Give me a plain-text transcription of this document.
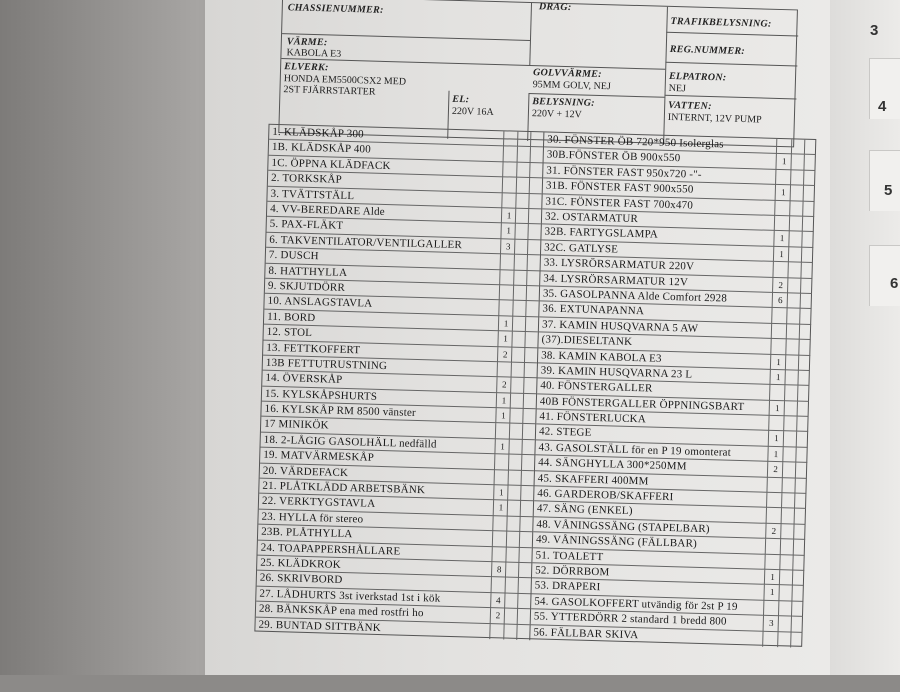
3
4
5
6
CHASSIENUMMER:	DRAG:
TRAFIKBELYSNING:
REG.NUMMER:
VÄRME:
KABOLA E3
GOLVVÄRME:
95MM GOLV, NEJ
ELPATRON:
NEJ
ELVERK:
HONDA EM5500CSX2 MED
2ST FJÄRRSTARTER
EL:
220V 16A
BELYSNING:
220V + 12V
VATTEN:
INTERNT, 12V PUMP
1. KLÄDSKÅP 300
1B. KLÄDSKÅP 400
1C. ÖPPNA KLÄDFACK
2. TORKSKÅP
3. TVÄTTSTÄLL
4. VV-BEREDARE Alde	1
5. PAX-FLÄKT	1
6. TAKVENTILATOR/VENTILGALLER	3
7. DUSCH
8. HATTHYLLA
9. SKJUTDÖRR
10. ANSLAGSTAVLA
11. BORD	1
12. STOL	1
13. FETTKOFFERT	2
13B FETTUTRUSTNING
14. ÖVERSKÅP	2
15. KYLSKÅPSHURTS	1
16. KYLSKÅP RM 8500 vänster	1
17 MINIKÖK
18. 2-LÅGIG GASOLHÄLL nedfälld	1
19. MATVÄRMESKÅP
20. VÄRDEFACK
21. PLÅTKLÄDD ARBETSBÄNK	1
22. VERKTYGSTAVLA	1
23. HYLLA för stereo
23B. PLÅTHYLLA
24. TOAPAPPERSHÅLLARE
25. KLÄDKROK	8
26. SKRIVBORD
27. LÅDHURTS 3st iverkstad 1st i kök	4
28. BÄNKSKÅP ena med rostfri ho	2
29. BUNTAD SITTBÄNK
30. FÖNSTER ÖB 720*950 Isolerglas
30B.FÖNSTER ÖB 900x550	1
31. FÖNSTER FAST 950x720 -"-
31B. FÖNSTER FAST 900x550	1
31C. FÖNSTER FAST 700x470
32. OSTARMATUR
32B. FARTYGSLAMPA	1
32C. GATLYSE	1
33. LYSRÖRSARMATUR 220V
34. LYSRÖRSARMATUR 12V	2
35. GASOLPANNA Alde Comfort 2928	6
36. EXTUNAPANNA
37. KAMIN HUSQVARNA 5 AW
(37).DIESELTANK
38. KAMIN KABOLA E3	1
39. KAMIN HUSQVARNA 23 L	1
40. FÖNSTERGALLER
40B FÖNSTERGALLER ÖPPNINGSBART	1
41. FÖNSTERLUCKA
42. STEGE	1
43. GASOLSTÄLL för en P 19 omonterat	1
44. SÄNGHYLLA 300*250MM	2
45. SKAFFERI 400MM
46. GARDEROB/SKAFFERI
47. SÄNG (ENKEL)
48. VÅNINGSSÄNG (STAPELBAR)	2
49. VÅNINGSSÄNG (FÄLLBAR)
51. TOALETT
52. DÖRRBOM	1
53. DRAPERI	1
54. GASOLKOFFERT utvändig för 2st P 19
55. YTTERDÖRR 2 standard 1 bredd 800	3
56. FÄLLBAR SKIVA
